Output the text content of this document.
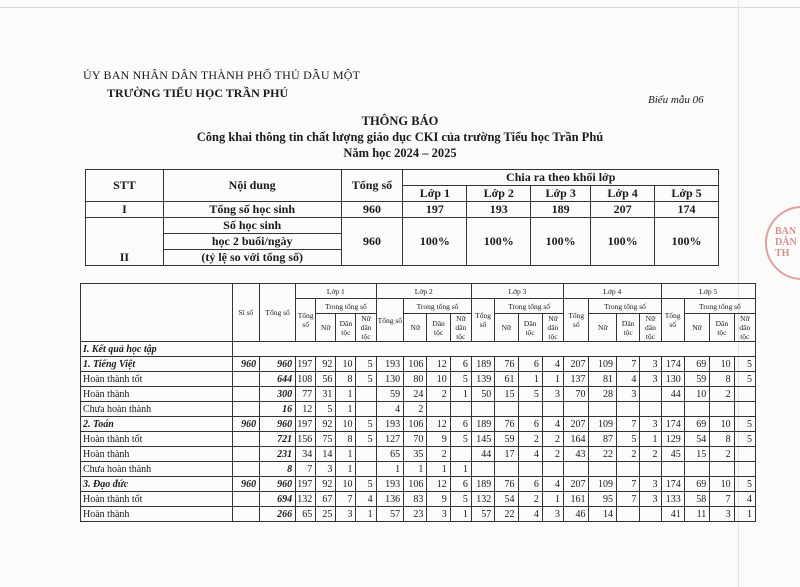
ỦY BAN NHÂN DÂN THÀNH PHỐ THỦ DẦU MỘT
TRƯỜNG TIỂU HỌC TRẦN PHÚ	Biểu mẫu 06
THÔNG BÁO
Công khai thông tin chất lượng giáo dục CKI của trường Tiểu học Trần Phú
Năm học 2024 – 2025
BAN DÂN TH
STT	Nội dung	Tổng số	Chia ra theo khối lớp				
			Lớp 1	Lớp 2	Lớp 3	Lớp 4	Lớp 5
I	Tổng số học sinh	960	197	193	189	207	174
II	Số học sinh	960	100%	100%	100%	100%	100%
	học 2 buổi/ngày						
	(tỷ lệ so với tổng số)						
	Sĩ số	Tổng số	Lớp 1				Lớp 2				Lớp 3				Lớp 4				Lớp 5			
			Tổng số	Trong tổng số			Tổng số	Trong tổng số			Tổng số	Trong tổng số			Tổng số	Trong tổng số			Tổng số	Trong tổng số		
				Nữ	Dân tộc	Nữ dân tộc		Nữ	Dân tộc	Nữ dân tộc		Nữ	Dân tộc	Nữ dân tộc		Nữ	Dân tộc	Nữ dân tộc		Nữ	Dân tộc	Nữ dân tộc
I. Kết quả học tập																						
1. Tiếng Việt	960	960	197	92	10	5	193	106	12	6	189	76	6	4	207	109	7	3	174	69	10	5
Hoàn thành tốt		644	108	56	8	5	130	80	10	5	139	61	1	1	137	81	4	3	130	59	8	5
Hoàn thành		300	77	31	1		59	24	2	1	50	15	5	3	70	28	3		44	10	2	
Chưa hoàn thành		16	12	5	1		4	2														
2. Toán	960	960	197	92	10	5	193	106	12	6	189	76	6	4	207	109	7	3	174	69	10	5
Hoàn thành tốt		721	156	75	8	5	127	70	9	5	145	59	2	2	164	87	5	1	129	54	8	5
Hoàn thành		231	34	14	1		65	35	2		44	17	4	2	43	22	2	2	45	15	2	
Chưa hoàn thành		8	7	3	1		1	1	1	1												
3. Đạo đức	960	960	197	92	10	5	193	106	12	6	189	76	6	4	207	109	7	3	174	69	10	5
Hoàn thành tốt		694	132	67	7	4	136	83	9	5	132	54	2	1	161	95	7	3	133	58	7	4
Hoàn thành		266	65	25	3	1	57	23	3	1	57	22	4	3	46	14			41	11	3	1
